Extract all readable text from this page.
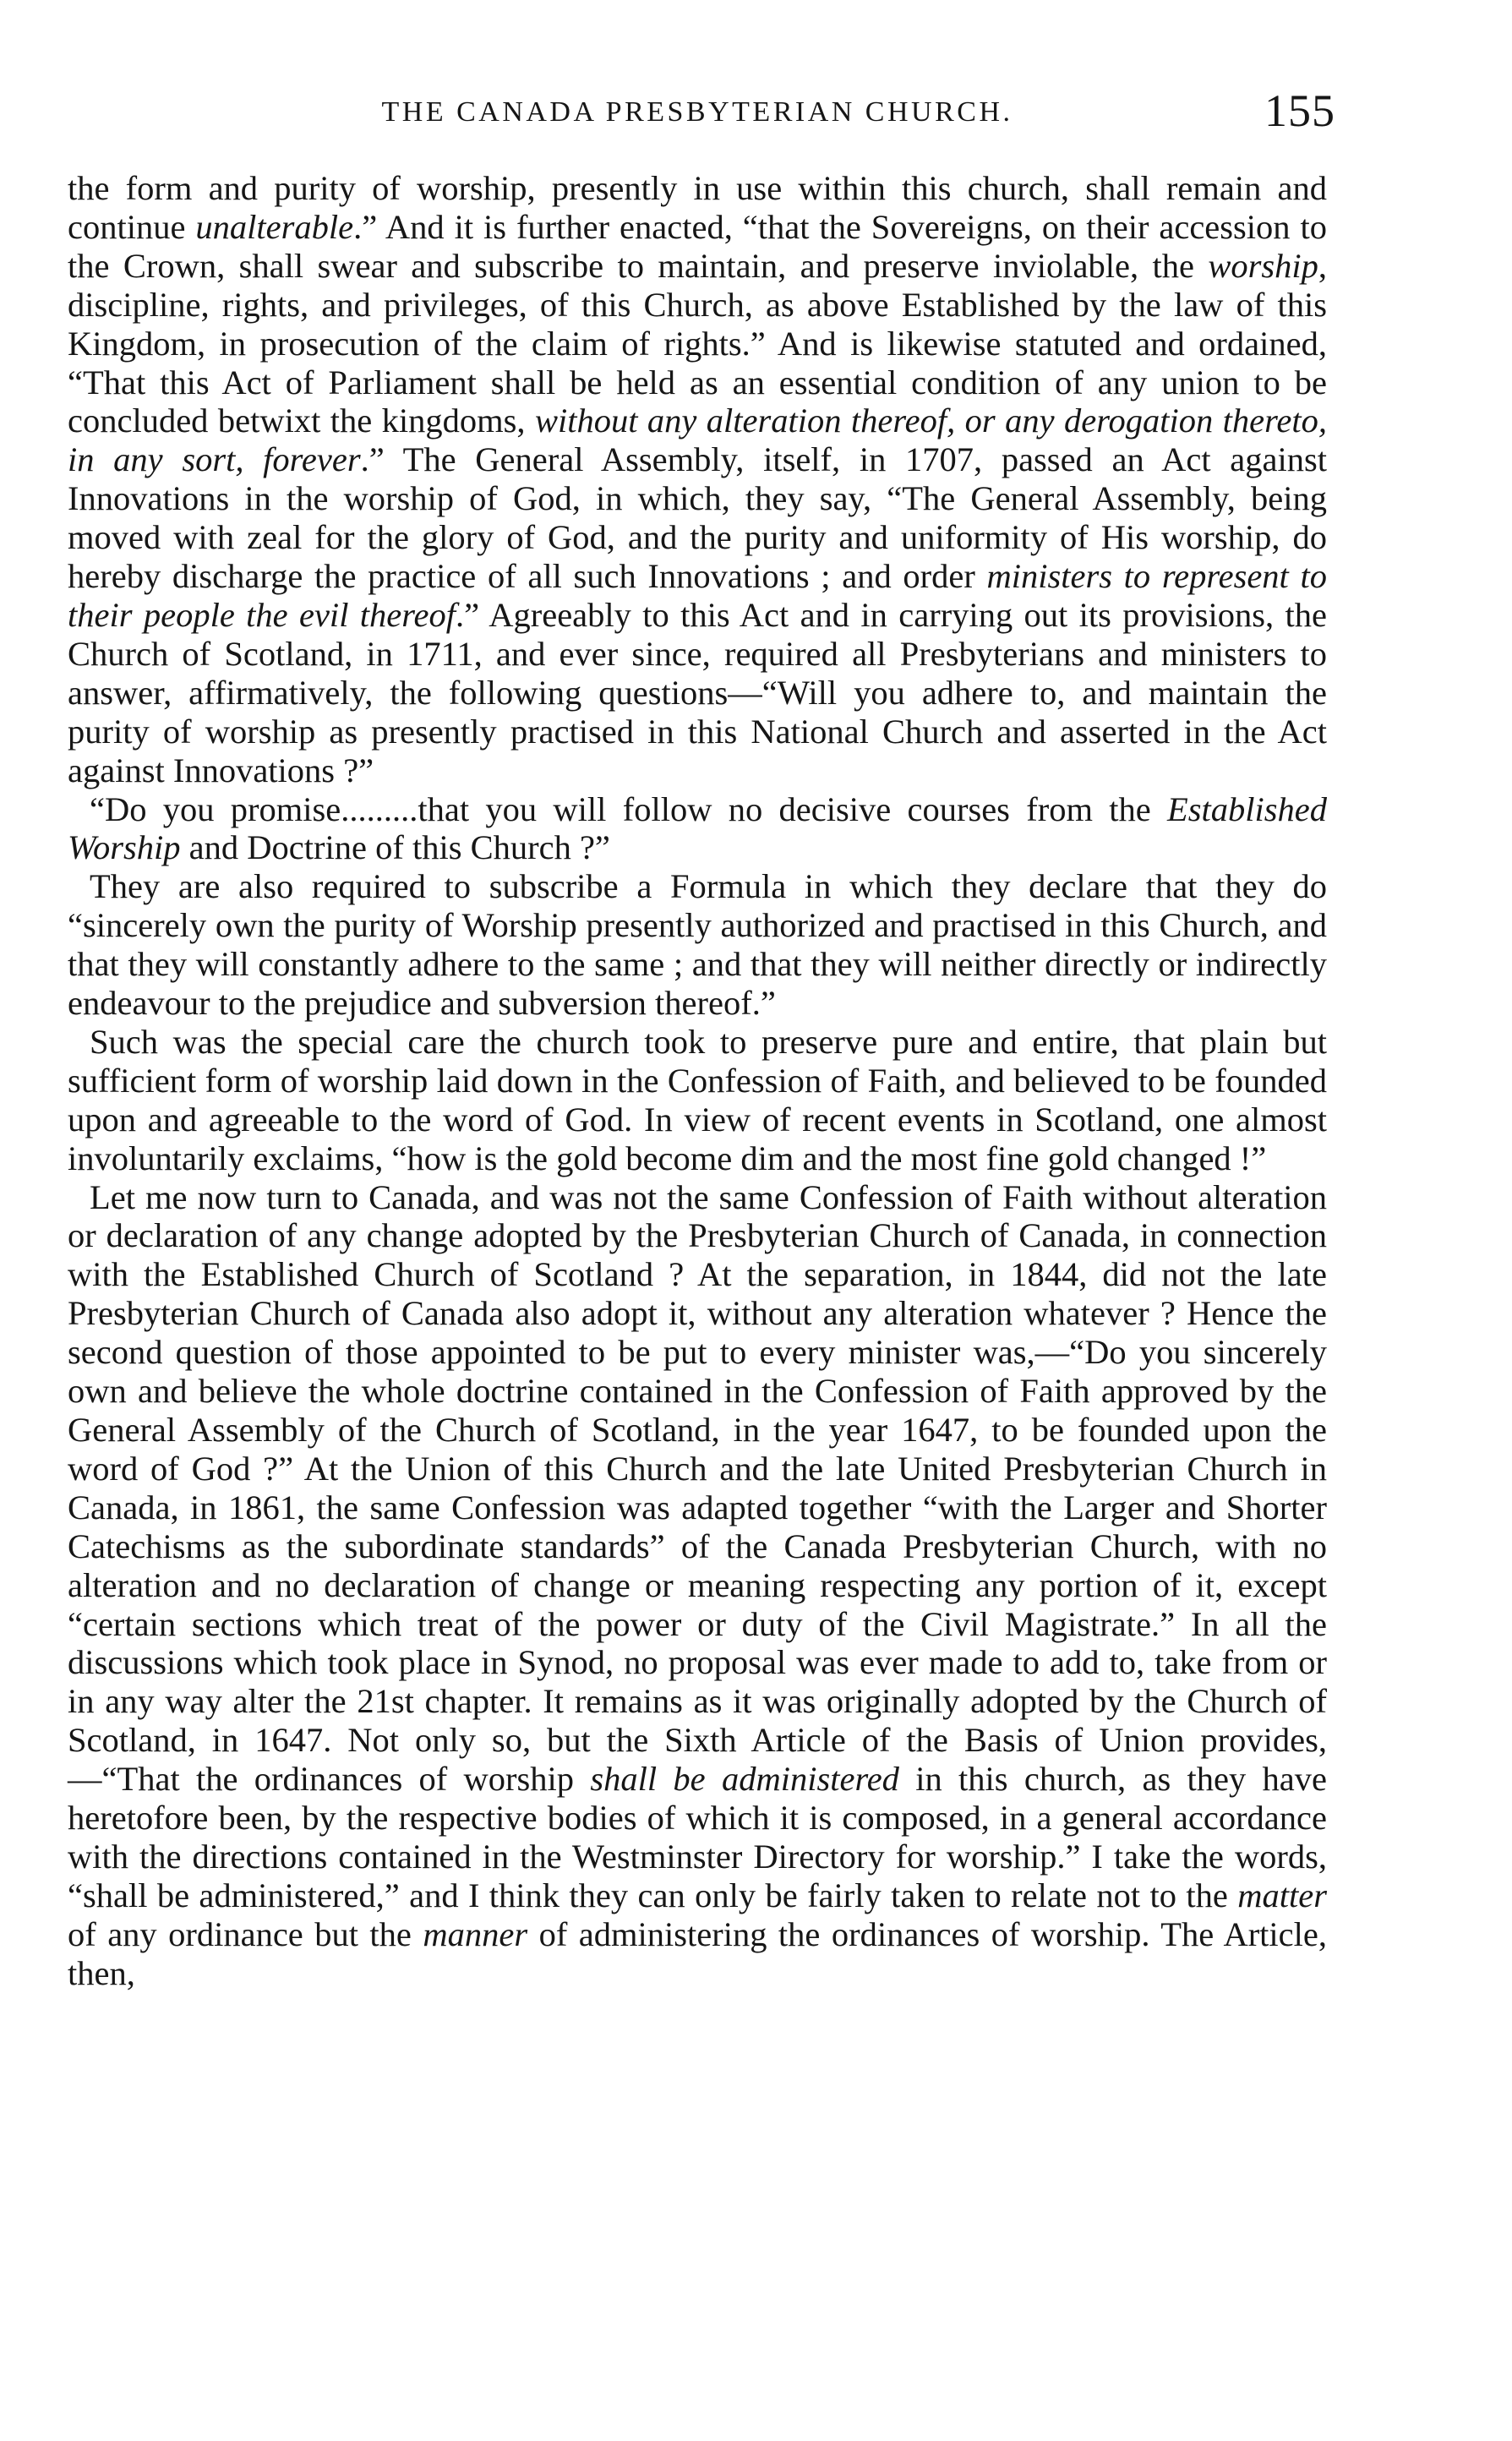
THE CANADA PRESBYTERIAN CHURCH.	155

the form and purity of worship, presently in use within this church, shall remain and continue unalterable.” And it is further enacted, “that the Sovereigns, on their accession to the Crown, shall swear and subscribe to maintain, and preserve inviolable, the worship, discipline, rights, and privileges, of this Church, as above Established by the law of this Kingdom, in prosecution of the claim of rights.” And is likewise statuted and ordained, “That this Act of Parliament shall be held as an essential condition of any union to be concluded betwixt the kingdoms, without any alteration thereof, or any derogation thereto, in any sort, forever.” The General Assembly, itself, in 1707, passed an Act against Innovations in the worship of God, in which, they say, “The General Assembly, being moved with zeal for the glory of God, and the purity and uniformity of His worship, do hereby discharge the practice of all such Innovations ; and order ministers to represent to their people the evil thereof.” Agreeably to this Act and in carrying out its provisions, the Church of Scotland, in 1711, and ever since, required all Presbyterians and ministers to answer, affirmatively, the following questions—“Will you adhere to, and maintain the purity of worship as presently practised in this National Church and asserted in the Act against Innovations ?”

“Do you promise.........that you will follow no decisive courses from the Established Worship and Doctrine of this Church ?”

They are also required to subscribe a Formula in which they declare that they do “sincerely own the purity of Worship presently authorized and practised in this Church, and that they will constantly adhere to the same ; and that they will neither directly or indirectly endeavour to the prejudice and subversion thereof.”

Such was the special care the church took to preserve pure and entire, that plain but sufficient form of worship laid down in the Confession of Faith, and believed to be founded upon and agreeable to the word of God. In view of recent events in Scotland, one almost involuntarily exclaims, “how is the gold become dim and the most fine gold changed !”

Let me now turn to Canada, and was not the same Confession of Faith without alteration or declaration of any change adopted by the Presbyterian Church of Canada, in connection with the Established Church of Scotland ? At the separation, in 1844, did not the late Presbyterian Church of Canada also adopt it, without any alteration whatever ? Hence the second question of those appointed to be put to every minister was,—“Do you sincerely own and believe the whole doctrine contained in the Confession of Faith approved by the General Assembly of the Church of Scotland, in the year 1647, to be founded upon the word of God ?” At the Union of this Church and the late United Presbyterian Church in Canada, in 1861, the same Confession was adapted together “with the Larger and Shorter Catechisms as the subordinate standards” of the Canada Presbyterian Church, with no alteration and no declaration of change or meaning respecting any portion of it, except “certain sections which treat of the power or duty of the Civil Magistrate.” In all the discussions which took place in Synod, no proposal was ever made to add to, take from or in any way alter the 21st chapter. It remains as it was originally adopted by the Church of Scotland, in 1647. Not only so, but the Sixth Article of the Basis of Union provides,—“That the ordinances of worship shall be administered in this church, as they have heretofore been, by the respective bodies of which it is composed, in a general accordance with the directions contained in the Westminster Directory for worship.” I take the words, “shall be administered,” and I think they can only be fairly taken to relate not to the matter of any ordinance but the manner of administering the ordinances of worship. The Article, then,
